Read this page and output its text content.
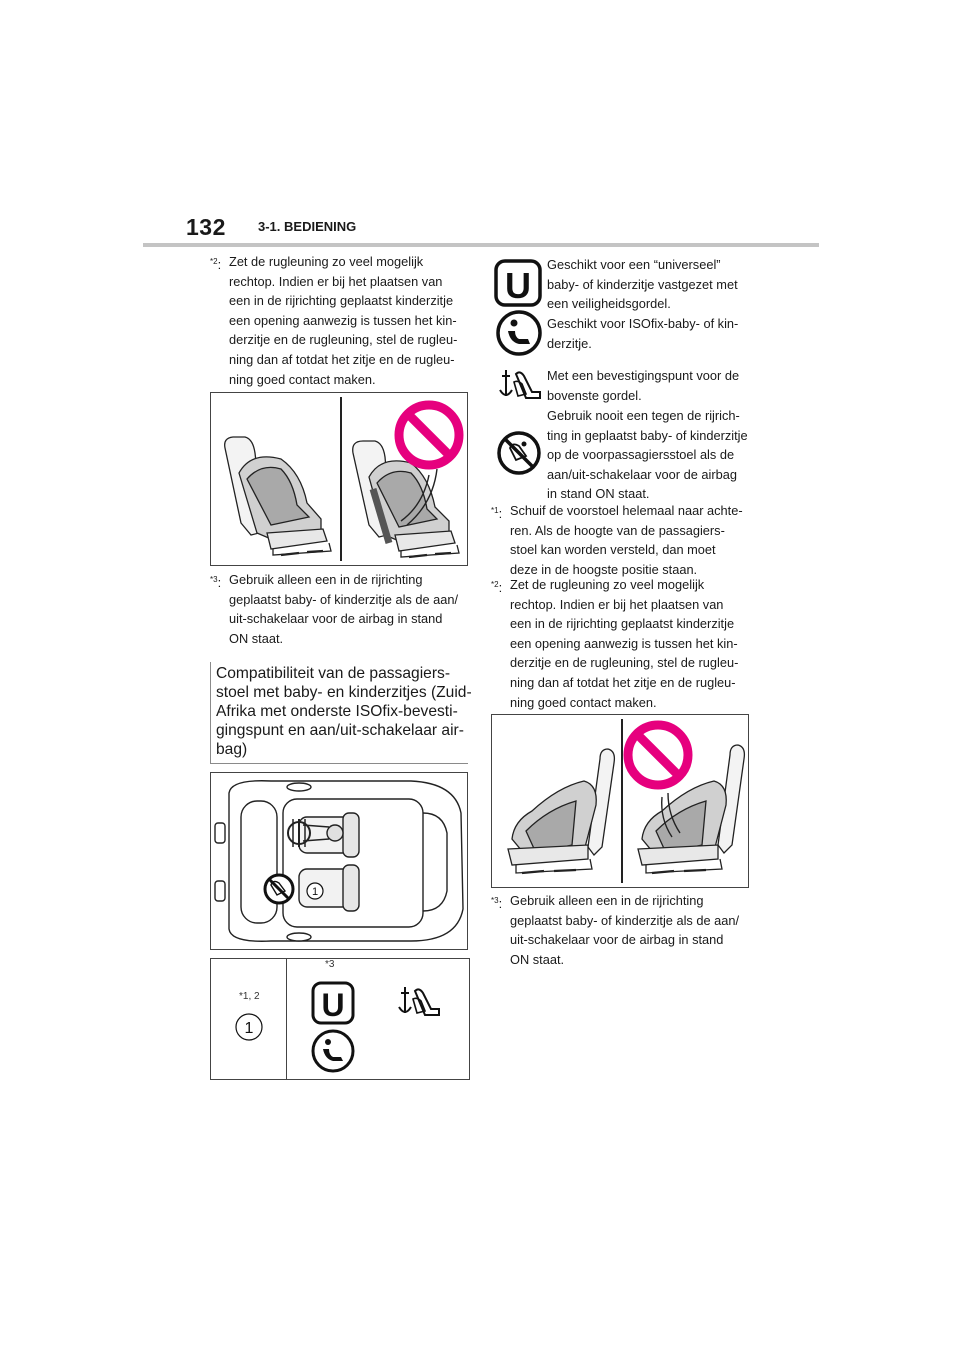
132 3-1. BEDIENING
$^{*2}$: Zet de rugleuning zo veel mogelijk
rechtop. Indien er bij het plaatsen van
een in de rijrichting geplaatst kinderzitje
een opening aanwezig is tussen het kin-
derzitje en de rugleuning, stel de rugleu-
ning dan af totdat het zitje en de rugleu-
ning goed contact maken.
$^{*3}$: Gebruik alleen een in de rijrichting
geplaatst baby- of kinderzitje als de aan/
uit-schakelaar voor de airbag in stand
ON staat.
Compatibiliteit van de passagiers-
stoel met baby- en kinderzitjes (Zuid-
Afrika met onderste ISOfix-bevesti-
gingspunt en aan/uit-schakelaar air-
bag)
1
*1, 2
1
*3
U
U
Geschikt voor een “universeel”
baby- of kinderzitje vastgezet met
een veiligheidsgordel.
Geschikt voor ISOfix-baby- of kin-
derzitje.
Met een bevestigingspunt voor de
bovenste gordel.
Gebruik nooit een tegen de rijrich-
ting in geplaatst baby- of kinderzitje
op de voorpassagiersstoel als de
aan/uit-schakelaar voor de airbag
in stand ON staat.
$^{*1}$: Schuif de voorstoel helemaal naar achte-
ren. Als de hoogte van de passagiers-
stoel kan worden versteld, dan moet
deze in de hoogste positie staan.
$^{*2}$: Zet de rugleuning zo veel mogelijk
rechtop. Indien er bij het plaatsen van
een in de rijrichting geplaatst kinderzitje
een opening aanwezig is tussen het kin-
derzitje en de rugleuning, stel de rugleu-
ning dan af totdat het zitje en de rugleu-
ning goed contact maken.
$^{*3}$: Gebruik alleen een in de rijrichting
geplaatst baby- of kinderzitje als de aan/
uit-schakelaar voor de airbag in stand
ON staat.
